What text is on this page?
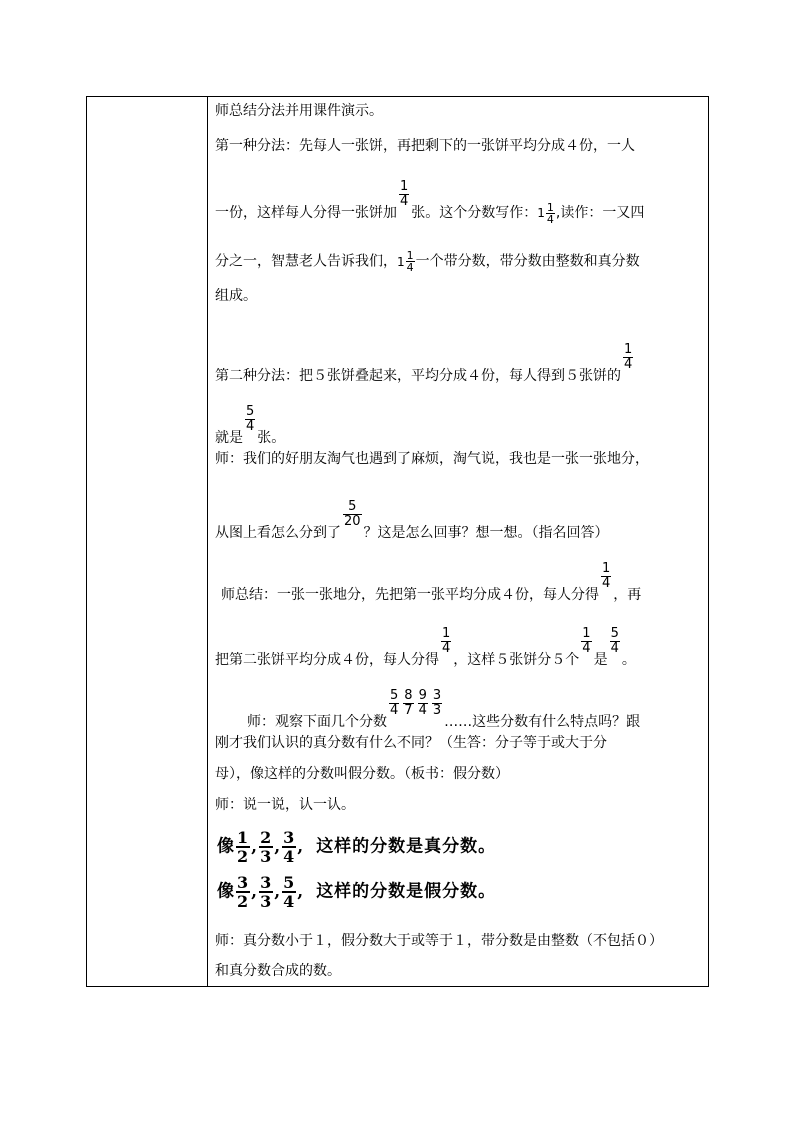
师总结分法并用课件演示。
第一种分法：先每人一张饼，再把剩下的一张饼平均分成４份，一人
一份，这样每人分得一张饼加
$\frac{1}{4}$
张。这个分数写作：$1 \frac{1}{4}$ ,读作：一又四
分之一，智慧老人告诉我们，$1 \frac{1}{4}$ 一个带分数，带分数由整数和真分数
组成。
第二种分法：把５张饼叠起来，平均分成４份，每人得到５张饼的
$\frac{1}{4}$
就是
$\frac{5}{4}$
张。
师：我们的好朋友淘气也遇到了麻烦，淘气说，我也是一张一张地分，
从图上看怎么分到了
$\frac{5}{20}$
？这是怎么回事？想一想。（指名回答）
师总结：一张一张地分，先把第一张平均分成４份，每人分得
$\frac{1}{4}$
，再
把第二张饼平均分成４份，每人分得
$\frac{1}{4}$
，这样５张饼分５个
$\frac{1}{4}$
是
$\frac{5}{4}$
。
师：观察下面几个分数
$\frac{5}{4} \frac{8}{7} \frac{9}{4} \frac{3}{3}$
……这些分数有什么特点吗？跟
刚才我们认识的真分数有什么不同？（生答：分子等于或大于分
母），像这样的分数叫假分数。（板书：假分数）
师：说一说，认一认。
像 $\frac{1}{2}$ , $\frac{2}{3}$ , $\frac{3}{4}$ , 这样的分数是真分数。
像 $\frac{3}{2}$ , $\frac{3}{3}$ , $\frac{5}{4}$ , 这样的分数是假分数。
师：真分数小于１，假分数大于或等于１，带分数是由整数（不包括０）
和真分数合成的数。
